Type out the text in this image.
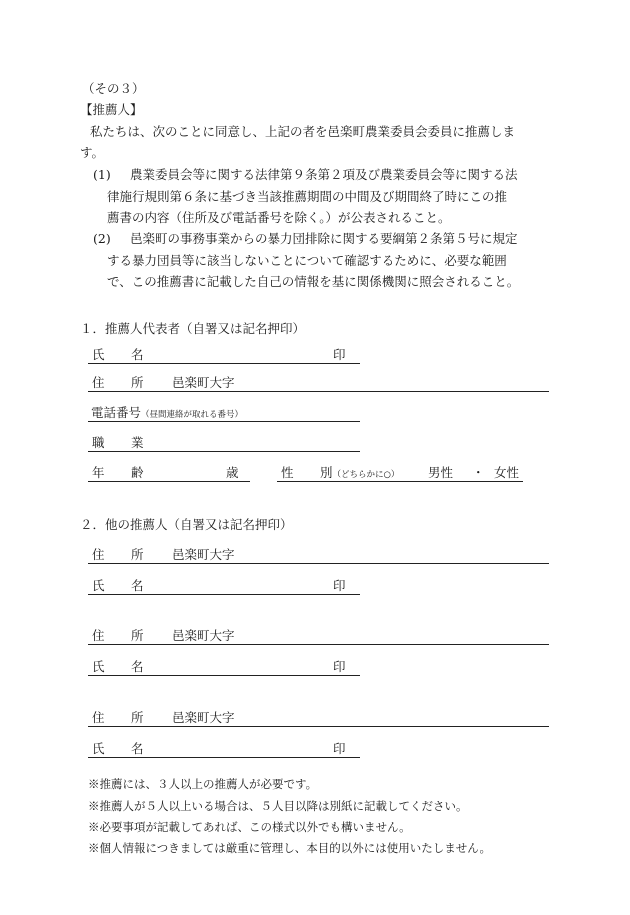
（その３）
【推薦人】
私たちは、次のことに同意し、上記の者を邑楽町農業委員会委員に推薦しま
す。
(1) 農業委員会等に関する法律第９条第２項及び農業委員会等に関する法
律施行規則第６条に基づき当該推薦期間の中間及び期間終了時にこの推
薦書の内容（住所及び電話番号を除く。）が公表されること。
(2) 邑楽町の事務事業からの暴力団排除に関する要綱第２条第５号に規定
する暴力団員等に該当しないことについて確認するために、必要な範囲
で、この推薦書に記載した自己の情報を基に関係機関に照会されること。
１．推薦人代表者（自署又は記名押印）
氏 名	印
住 所 邑楽町大字
電話番号（昼間連絡が取れる番号）
職 業
年 齢	歳	性 別（どちらかに○） 男性 ・ 女性
２．他の推薦人（自署又は記名押印）
住 所 邑楽町大字
氏 名	印
住 所 邑楽町大字
氏 名	印
住 所 邑楽町大字
氏 名	印
※推薦には、３人以上の推薦人が必要です。
※推薦人が５人以上いる場合は、５人目以降は別紙に記載してください。
※必要事項が記載してあれば、この様式以外でも構いません。
※個人情報につきましては厳重に管理し、本目的以外には使用いたしません。
